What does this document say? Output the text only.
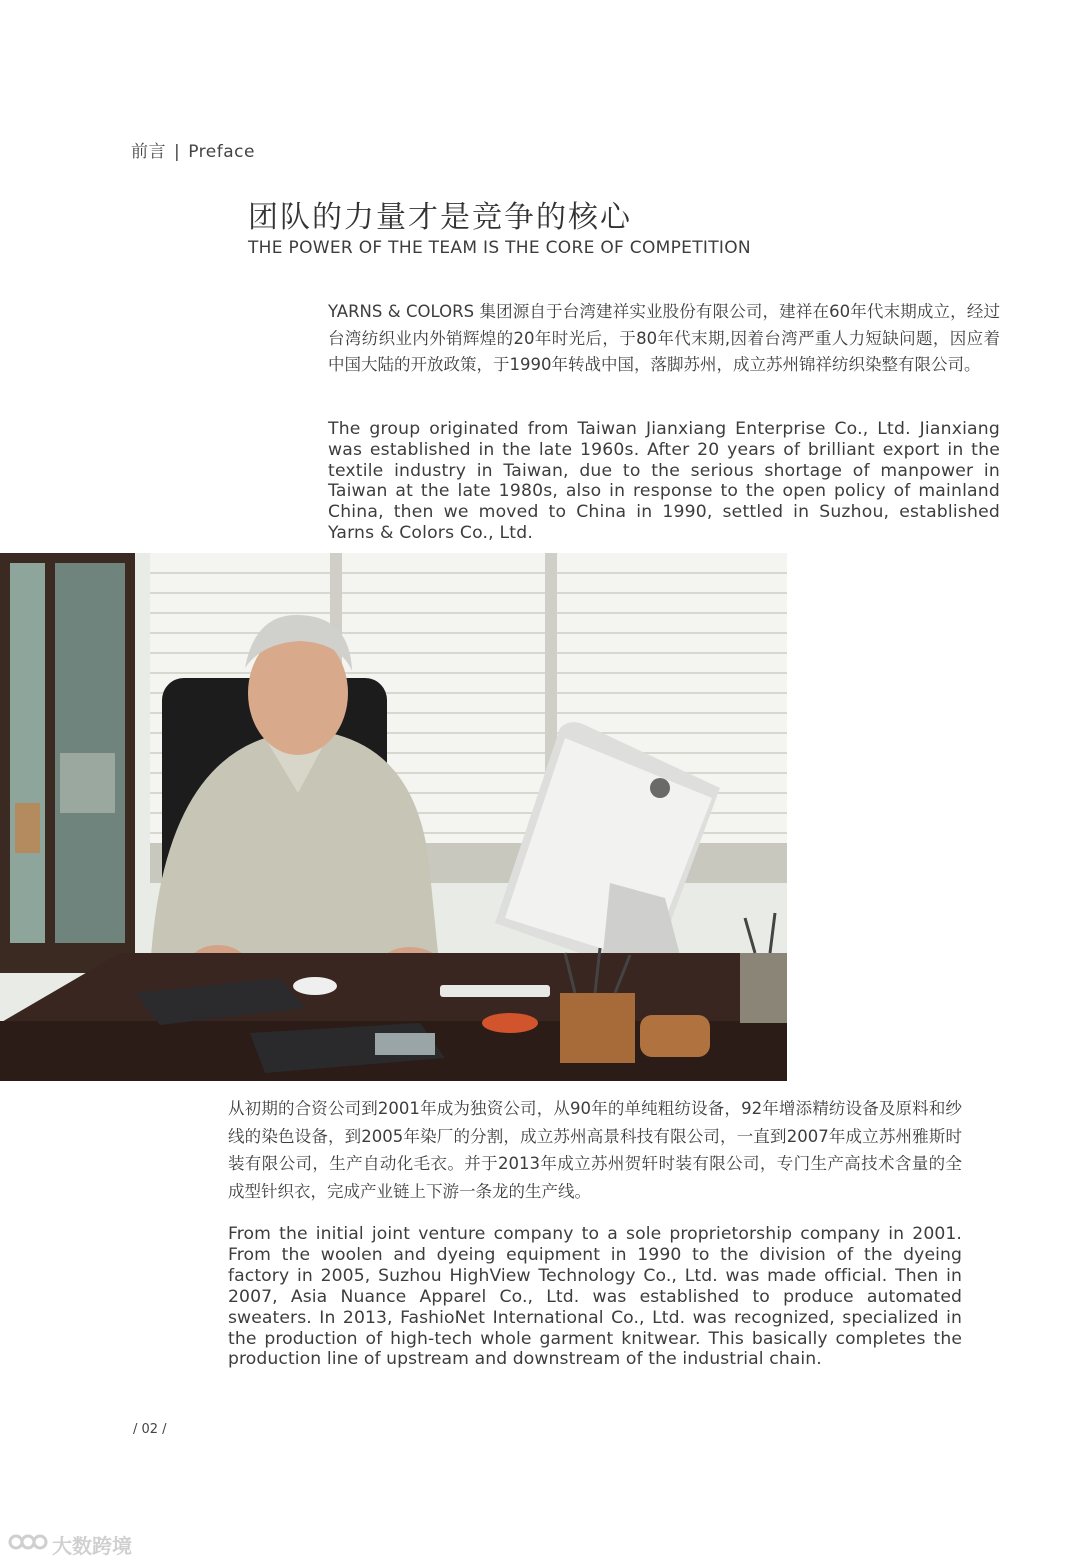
前言 | Preface
团队的力量才是竞争的核心
THE POWER OF THE TEAM IS THE CORE OF COMPETITION

YARNS & COLORS 集团源自于台湾建祥实业股份有限公司，建祥在60年代末期成立，经过台湾纺织业内外销辉煌的20年时光后，于80年代末期,因着台湾严重人力短缺问题，因应着中国大陆的开放政策，于1990年转战中国，落脚苏州，成立苏州锦祥纺织染整有限公司。

The group originated from Taiwan Jianxiang Enterprise Co., Ltd. Jianxiang was established in the late 1960s. After 20 years of brilliant export in the textile industry in Taiwan, due to the serious shortage of manpower in Taiwan at the late 1980s, also in response to the open policy of mainland China, then we moved to China in 1990, settled in Suzhou, established Yarns & Colors Co., Ltd.

从初期的合资公司到2001年成为独资公司，从90年的单纯粗纺设备，92年增添精纺设备及原料和纱线的染色设备，到2005年染厂的分割，成立苏州高景科技有限公司，一直到2007年成立苏州雅斯时装有限公司，生产自动化毛衣。并于2013年成立苏州贺轩时装有限公司，专门生产高技术含量的全成型针织衣，完成产业链上下游一条龙的生产线。

From the initial joint venture company to a sole proprietorship company in 2001. From the woolen and dyeing equipment in 1990 to the division of the dyeing factory in 2005, Suzhou HighView Technology Co., Ltd. was made official. Then in 2007, Asia Nuance Apparel Co., Ltd. was established to produce automated sweaters. In 2013, FashioNet International Co., Ltd. was recognized, specialized in the production of high-tech whole garment knitwear. This basically completes the production line of upstream and downstream of the industrial chain.

/ 02 /
大数跨境
